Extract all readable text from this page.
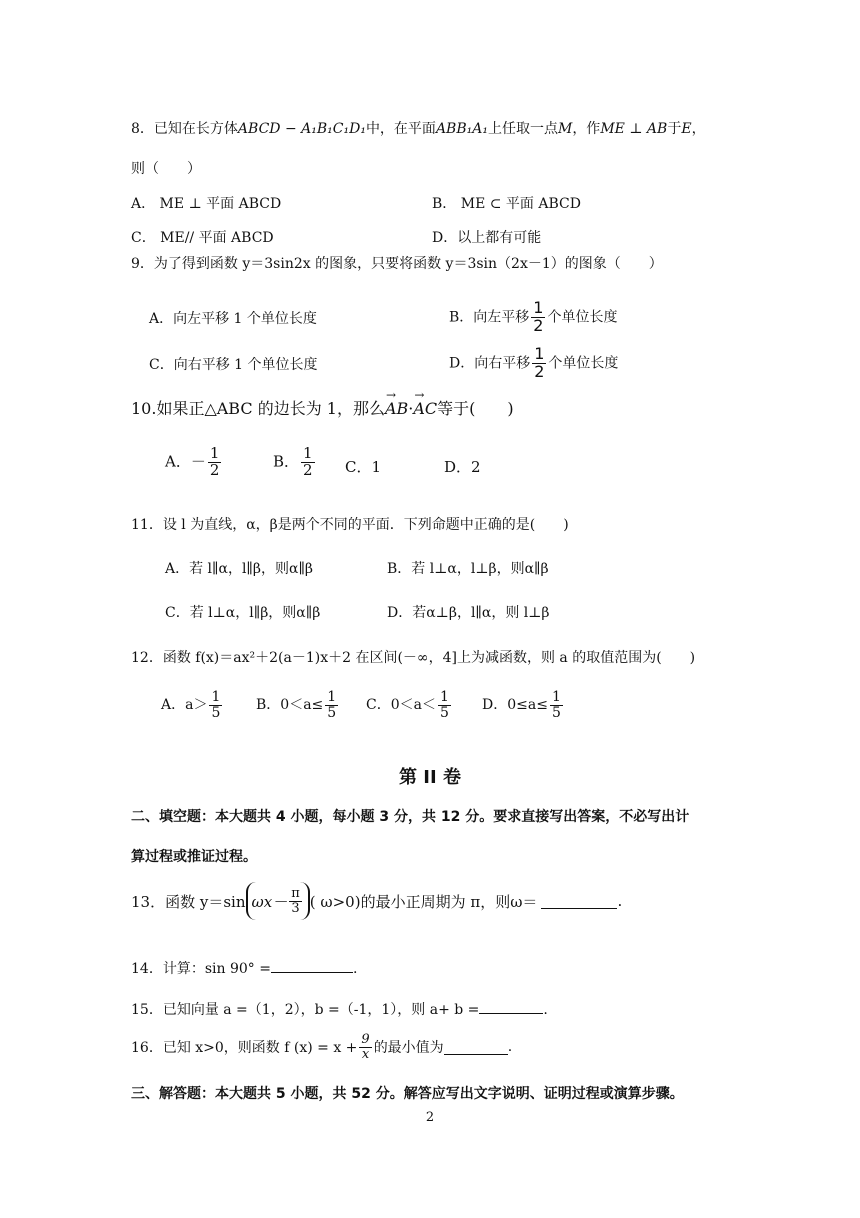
8．已知在长方体ABCD − A₁B₁C₁D₁中，在平面ABB₁A₁上任取一点M，作ME ⊥ AB于E，
则（　　）
A． ME ⊥ 平面 ABCD	B． ME ⊂ 平面 ABCD
C． ME// 平面 ABCD	D．以上都有可能
9．为了得到函数 y＝3sin2x 的图象，只要将函数 y＝3sin（2x－1）的图象（　　）
A．向左平移 1 个单位长度	B．向左平移 $\frac{1}{2}$ 个单位长度
C．向右平移 1 个单位长度	D．向右平移 $\frac{1}{2}$ 个单位长度
10.如果正△ABC 的边长为 1，那么→ AB·→ AC等于(　　)
A．－ $\frac{1}{2}$	B． $\frac{1}{2}$ C．1	D．2
11．设 l 为直线，α，β是两个不同的平面．下列命题中正确的是(　　)
A．若 l∥α，l∥β，则α∥β	B．若 l⊥α，l⊥β，则α∥β
C．若 l⊥α，l∥β，则α∥β	D．若α⊥β，l∥α，则 l⊥β
12．函数 f(x)＝ax²＋2(a－1)x＋2 在区间(－∞，4]上为减函数，则 a 的取值范围为(　　)
A．$a> \frac{1}{5}$ B．$0<a\le \frac{1}{5}$ C．$0<a< \frac{1}{5}$ D．$0\le a\le \frac{1}{5}$
第 II 卷
二、填空题：本大题共 4 小题，每小题 3 分，共 12 分。要求直接写出答案，不必写出计
算过程或推证过程。
13．函数 y＝sin $\omega x- \frac{\pi}{3}$ ( ω>0)的最小正周期为 π，则ω＝	.
14．计算：sin 90° =	.
15．已知向量 a =（1，2），b =（-1，1），则 a+ b =	.
16．已知 x>0，则函数 f $(x) = x + \frac{9}{x}$ 的最小值为	.
三、解答题：本大题共 5 小题，共 52 分。解答应写出文字说明、证明过程或演算步骤。
2
